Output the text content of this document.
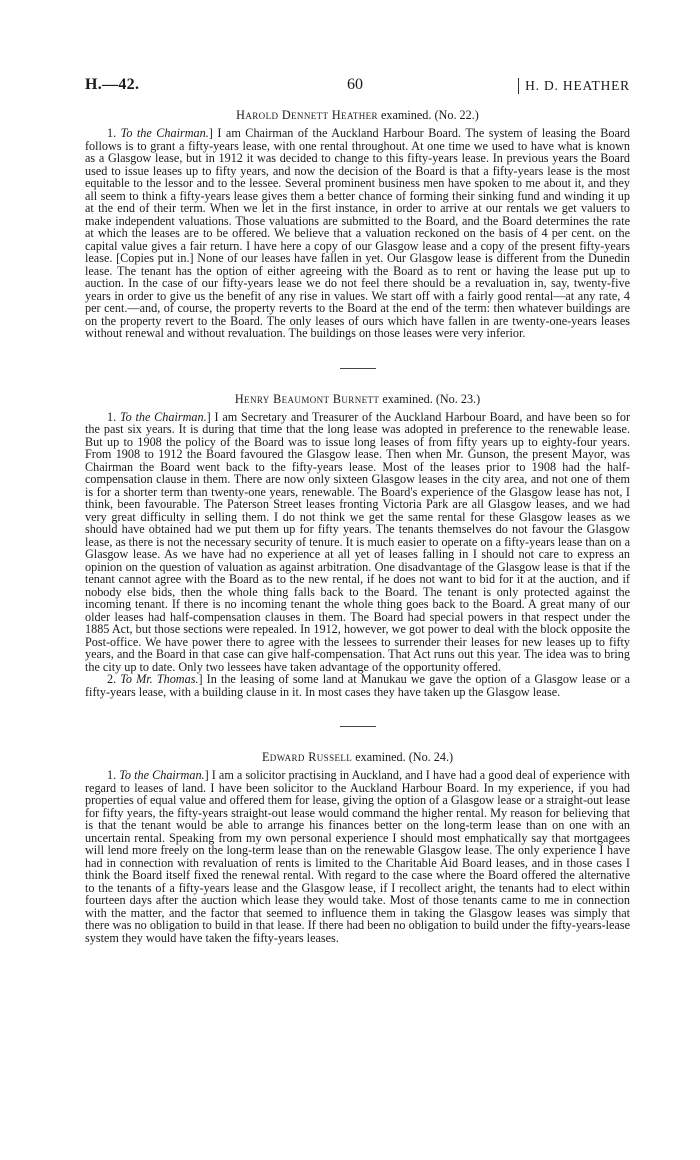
H.—42.	60	H. D. HEATHER
Harold Dennett Heather examined. (No. 22.)

1. To the Chairman.] I am Chairman of the Auckland Harbour Board. The system of leasing the Board follows is to grant a fifty-years lease, with one rental throughout. At one time we used to have what is known as a Glasgow lease, but in 1912 it was decided to change to this fifty-years lease. In previous years the Board used to issue leases up to fifty years, and now the decision of the Board is that a fifty-years lease is the most equitable to the lessor and to the lessee. Several prominent business men have spoken to me about it, and they all seem to think a fifty-years lease gives them a better chance of forming their sinking fund and winding it up at the end of their term. When we let in the first instance, in order to arrive at our rentals we get valuers to make independent valuations. Those valuations are submitted to the Board, and the Board determines the rate at which the leases are to be offered. We believe that a valuation reckoned on the basis of 4 per cent. on the capital value gives a fair return. I have here a copy of our Glasgow lease and a copy of the present fifty-years lease. [Copies put in.] None of our leases have fallen in yet. Our Glasgow lease is different from the Dunedin lease. The tenant has the option of either agreeing with the Board as to rent or having the lease put up to auction. In the case of our fifty-years lease we do not feel there should be a revaluation in, say, twenty-five years in order to give us the benefit of any rise in values. We start off with a fairly good rental—at any rate, 4 per cent.—and, of course, the property reverts to the Board at the end of the term: then whatever buildings are on the property revert to the Board. The only leases of ours which have fallen in are twenty-one-years leases without renewal and without revaluation. The buildings on those leases were very inferior.

Henry Beaumont Burnett examined. (No. 23.)

1. To the Chairman.] I am Secretary and Treasurer of the Auckland Harbour Board, and have been so for the past six years. It is during that time that the long lease was adopted in preference to the renewable lease. But up to 1908 the policy of the Board was to issue long leases of from fifty years up to eighty-four years. From 1908 to 1912 the Board favoured the Glasgow lease. Then when Mr. Gunson, the present Mayor, was Chairman the Board went back to the fifty-years lease. Most of the leases prior to 1908 had the half-compensation clause in them. There are now only sixteen Glasgow leases in the city area, and not one of them is for a shorter term than twenty-one years, renewable. The Board's experience of the Glasgow lease has not, I think, been favourable. The Paterson Street leases fronting Victoria Park are all Glasgow leases, and we had very great difficulty in selling them. I do not think we get the same rental for these Glasgow leases as we should have obtained had we put them up for fifty years. The tenants themselves do not favour the Glasgow lease, as there is not the necessary security of tenure. It is much easier to operate on a fifty-years lease than on a Glasgow lease. As we have had no experience at all yet of leases falling in I should not care to express an opinion on the question of valuation as against arbitration. One disadvantage of the Glasgow lease is that if the tenant cannot agree with the Board as to the new rental, if he does not want to bid for it at the auction, and if nobody else bids, then the whole thing falls back to the Board. The tenant is only protected against the incoming tenant. If there is no incoming tenant the whole thing goes back to the Board. A great many of our older leases had half-compensation clauses in them. The Board had special powers in that respect under the 1885 Act, but those sections were repealed. In 1912, however, we got power to deal with the block opposite the Post-office. We have power there to agree with the lessees to surrender their leases for new leases up to fifty years, and the Board in that case can give half-compensation. That Act runs out this year. The idea was to bring the city up to date. Only two lessees have taken advantage of the opportunity offered.

2. To Mr. Thomas.] In the leasing of some land at Manukau we gave the option of a Glasgow lease or a fifty-years lease, with a building clause in it. In most cases they have taken up the Glasgow lease.

Edward Russell examined. (No. 24.)

1. To the Chairman.] I am a solicitor practising in Auckland, and I have had a good deal of experience with regard to leases of land. I have been solicitor to the Auckland Harbour Board. In my experience, if you had properties of equal value and offered them for lease, giving the option of a Glasgow lease or a straight-out lease for fifty years, the fifty-years straight-out lease would command the higher rental. My reason for believing that is that the tenant would be able to arrange his finances better on the long-term lease than on one with an uncertain rental. Speaking from my own personal experience I should most emphatically say that mortgagees will lend more freely on the long-term lease than on the renewable Glasgow lease. The only experience I have had in connection with revaluation of rents is limited to the Charitable Aid Board leases, and in those cases I think the Board itself fixed the renewal rental. With regard to the case where the Board offered the alternative to the tenants of a fifty-years lease and the Glasgow lease, if I recollect aright, the tenants had to elect within fourteen days after the auction which lease they would take. Most of those tenants came to me in connection with the matter, and the factor that seemed to influence them in taking the Glasgow leases was simply that there was no obligation to build in that lease. If there had been no obligation to build under the fifty-years-lease system they would have taken the fifty-years leases.
